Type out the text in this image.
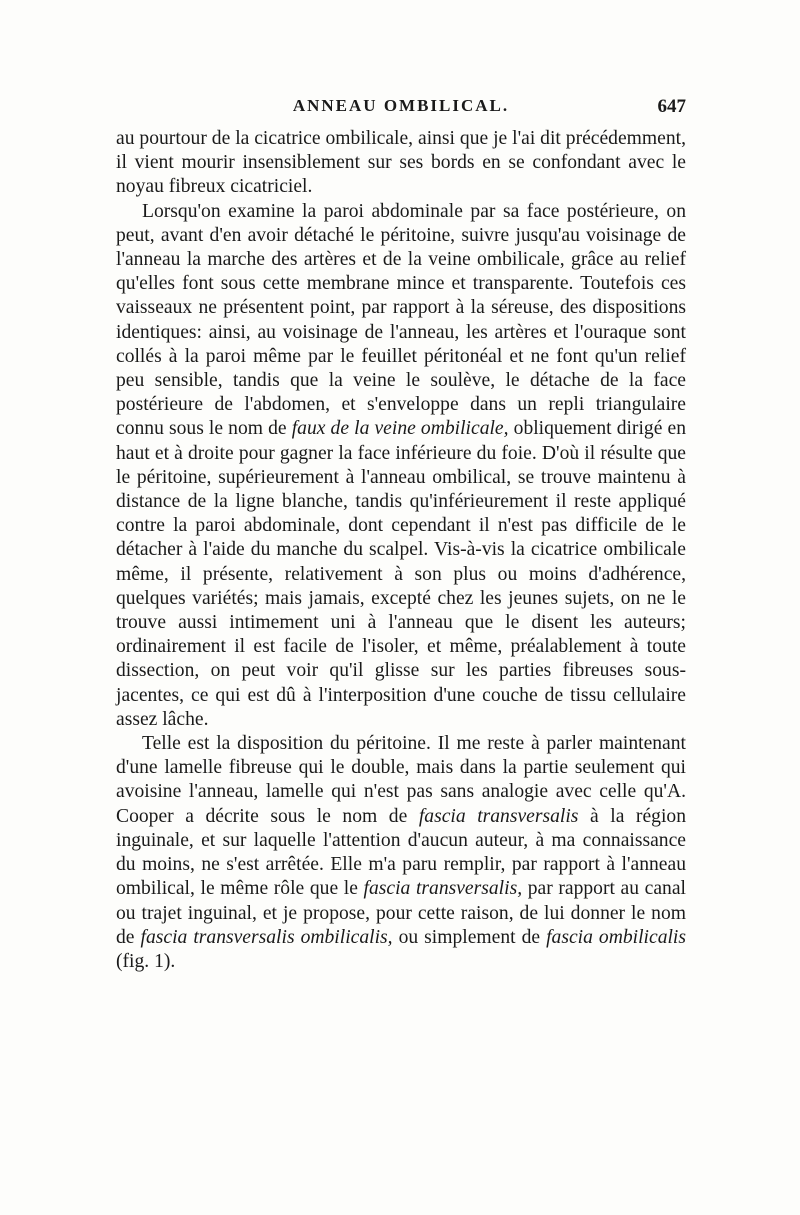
ANNEAU OMBILICAL.	647

au pourtour de la cicatrice ombilicale, ainsi que je l'ai dit précédemment, il vient mourir insensiblement sur ses bords en se confondant avec le noyau fibreux cicatriciel.

Lorsqu'on examine la paroi abdominale par sa face postérieure, on peut, avant d'en avoir détaché le péritoine, suivre jusqu'au voisinage de l'anneau la marche des artères et de la veine ombilicale, grâce au relief qu'elles font sous cette membrane mince et transparente. Toutefois ces vaisseaux ne présentent point, par rapport à la séreuse, des dispositions identiques: ainsi, au voisinage de l'anneau, les artères et l'ouraque sont collés à la paroi même par le feuillet péritonéal et ne font qu'un relief peu sensible, tandis que la veine le soulève, le détache de la face postérieure de l'abdomen, et s'enveloppe dans un repli triangulaire connu sous le nom de faux de la veine ombilicale, obliquement dirigé en haut et à droite pour gagner la face inférieure du foie. D'où il résulte que le péritoine, supérieurement à l'anneau ombilical, se trouve maintenu à distance de la ligne blanche, tandis qu'inférieurement il reste appliqué contre la paroi abdominale, dont cependant il n'est pas difficile de le détacher à l'aide du manche du scalpel. Vis-à-vis la cicatrice ombilicale même, il présente, relativement à son plus ou moins d'adhérence, quelques variétés; mais jamais, excepté chez les jeunes sujets, on ne le trouve aussi intimement uni à l'anneau que le disent les auteurs; ordinairement il est facile de l'isoler, et même, préalablement à toute dissection, on peut voir qu'il glisse sur les parties fibreuses sous-jacentes, ce qui est dû à l'interposition d'une couche de tissu cellulaire assez lâche.

Telle est la disposition du péritoine. Il me reste à parler maintenant d'une lamelle fibreuse qui le double, mais dans la partie seulement qui avoisine l'anneau, lamelle qui n'est pas sans analogie avec celle qu'A. Cooper a décrite sous le nom de fascia transversalis à la région inguinale, et sur laquelle l'attention d'aucun auteur, à ma connaissance du moins, ne s'est arrêtée. Elle m'a paru remplir, par rapport à l'anneau ombilical, le même rôle que le fascia transversalis, par rapport au canal ou trajet inguinal, et je propose, pour cette raison, de lui donner le nom de fascia transversalis ombilicalis, ou simplement de fascia ombilicalis (fig. 1).
